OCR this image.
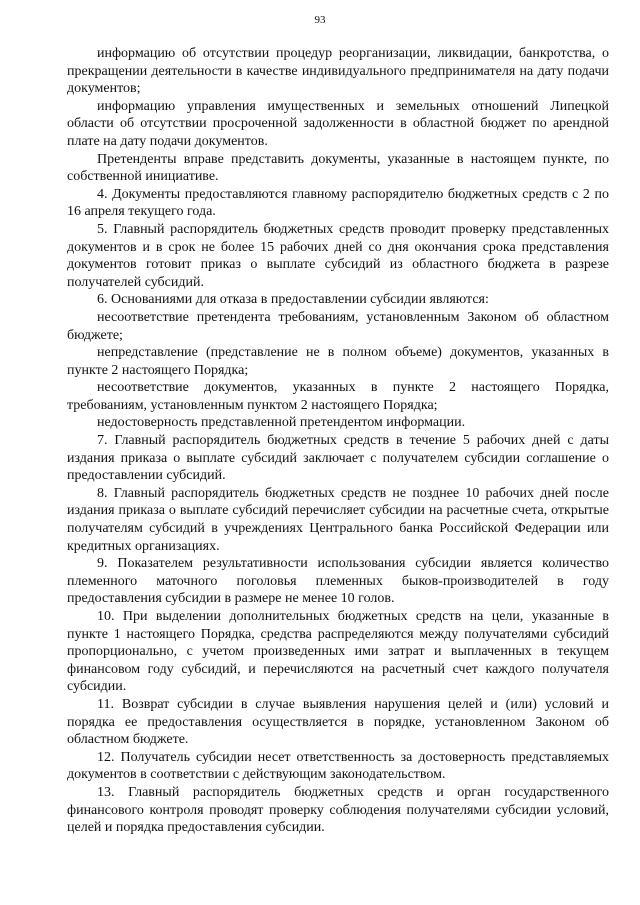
93

информацию об отсутствии процедур реорганизации, ликвидации, банкротства, о прекращении деятельности в качестве индивидуального предпринимателя на дату подачи документов;

информацию управления имущественных и земельных отношений Липецкой области об отсутствии просроченной задолженности в областной бюджет по арендной плате на дату подачи документов.

Претенденты вправе представить документы, указанные в настоящем пункте, по собственной инициативе.

4. Документы предоставляются главному распорядителю бюджетных средств с 2 по 16 апреля текущего года.

5. Главный распорядитель бюджетных средств проводит проверку представленных документов и в срок не более 15 рабочих дней со дня окончания срока представления документов готовит приказ о выплате субсидий из областного бюджета в разрезе получателей субсидий.

6. Основаниями для отказа в предоставлении субсидии являются:

несоответствие претендента требованиям, установленным Законом об областном бюджете;

непредставление (представление не в полном объеме) документов, указанных в пункте 2 настоящего Порядка;

несоответствие документов, указанных в пункте 2 настоящего Порядка, требованиям, установленным пунктом 2 настоящего Порядка;

недостоверность представленной претендентом информации.

7. Главный распорядитель бюджетных средств в течение 5 рабочих дней с даты издания приказа о выплате субсидий заключает с получателем субсидии соглашение о предоставлении субсидий.

8. Главный распорядитель бюджетных средств не позднее 10 рабочих дней после издания приказа о выплате субсидий перечисляет субсидии на расчетные счета, открытые получателям субсидий в учреждениях Центрального банка Российской Федерации или кредитных организациях.

9. Показателем результативности использования субсидии является количество племенного маточного поголовья племенных быков-производителей в году предоставления субсидии в размере не менее 10 голов.

10. При выделении дополнительных бюджетных средств на цели, указанные в пункте 1 настоящего Порядка, средства распределяются между получателями субсидий пропорционально, с учетом произведенных ими затрат и выплаченных в текущем финансовом году субсидий, и перечисляются на расчетный счет каждого получателя субсидии.

11. Возврат субсидии в случае выявления нарушения целей и (или) условий и порядка ее предоставления осуществляется в порядке, установленном Законом об областном бюджете.

12. Получатель субсидии несет ответственность за достоверность представляемых документов в соответствии с действующим законодательством.

13. Главный распорядитель бюджетных средств и орган государственного финансового контроля проводят проверку соблюдения получателями субсидии условий, целей и порядка предоставления субсидии.
